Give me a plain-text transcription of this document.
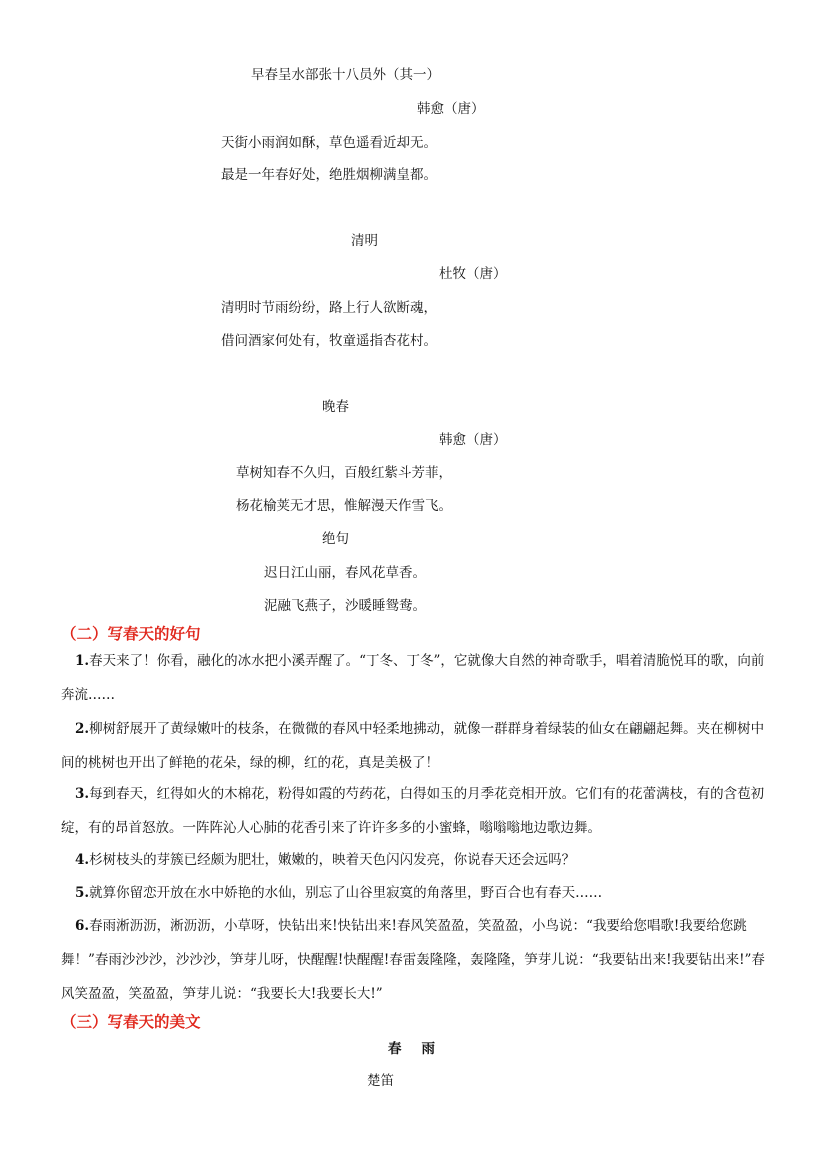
早春呈水部张十八员外（其一）
韩愈（唐）
天街小雨润如酥，草色遥看近却无。
最是一年春好处，绝胜烟柳满皇都。
清明
杜牧（唐）
清明时节雨纷纷，路上行人欲断魂，
借问酒家何处有，牧童遥指杏花村。
晚春
韩愈（唐）
草树知春不久归，百般红紫斗芳菲，
杨花榆荚无才思，惟解漫天作雪飞。
绝句
迟日江山丽，春风花草香。
泥融飞燕子，沙暖睡鸳鸯。
（二）写春天的好句
1.春天来了！你看，融化的冰水把小溪弄醒了。“丁冬、丁冬”，它就像大自然的神奇歌手，唱着清脆悦耳的歌，向前奔流……
2.柳树舒展开了黄绿嫩叶的枝条，在微微的春风中轻柔地拂动，就像一群群身着绿装的仙女在翩翩起舞。夹在柳树中间的桃树也开出了鲜艳的花朵，绿的柳，红的花，真是美极了！
3.每到春天，红得如火的木棉花，粉得如霞的芍药花，白得如玉的月季花竞相开放。它们有的花蕾满枝，有的含苞初绽，有的昂首怒放。一阵阵沁人心肺的花香引来了许许多多的小蜜蜂，嗡嗡嗡地边歌边舞。
4.杉树枝头的芽簇已经颇为肥壮，嫩嫩的，映着天色闪闪发亮，你说春天还会远吗？
5.就算你留恋开放在水中娇艳的水仙，别忘了山谷里寂寞的角落里，野百合也有春天……
6.春雨淅沥沥，淅沥沥，小草呀，快钻出来!快钻出来!春风笑盈盈，笑盈盈，小鸟说：“我要给您唱歌!我要给您跳舞！”春雨沙沙沙，沙沙沙，笋芽儿呀，快醒醒!快醒醒!春雷轰隆隆，轰隆隆，笋芽儿说：“我要钻出来!我要钻出来!”春风笑盈盈，笑盈盈，笋芽儿说：“我要长大!我要长大!”
（三）写春天的美文
春雨
楚笛
